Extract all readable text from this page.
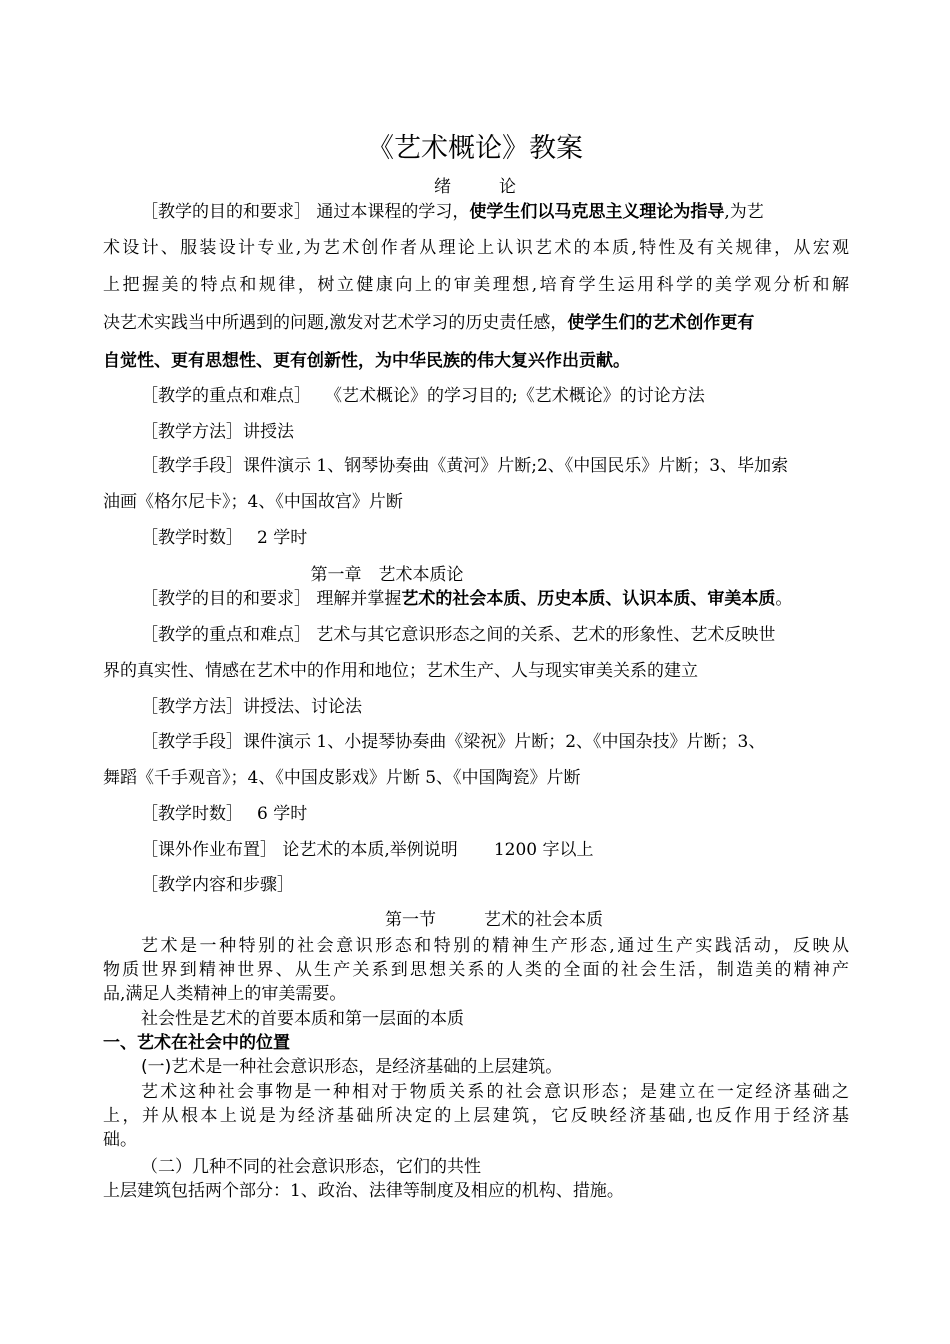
《艺术概论》教案
绪	论
［教学的目的和要求］ 通过本课程的学习，使学生们以马克思主义理论为指导,为艺
术设计、服装设计专业,为艺术创作者从理论上认识艺术的本质,特性及有关规律，从宏观
上把握美的特点和规律，树立健康向上的审美理想,培育学生运用科学的美学观分析和解
决艺术实践当中所遇到的问题,激发对艺术学习的历史责任感，使学生们的艺术创作更有
自觉性、更有思想性、更有创新性，为中华民族的伟大复兴作出贡献。
［教学的重点和难点］ 《艺术概论》的学习目的;《艺术概论》的讨论方法
［教学方法］讲授法
［教学手段］课件演示 1、钢琴协奏曲《黄河》片断;2、《中国民乐》片断；3、毕加索
油画《格尔尼卡》；4、《中国故宫》片断
［教学时数］ 2 学时
第一章　艺术本质论
［教学的目的和要求］ 理解并掌握艺术的社会本质、历史本质、认识本质、审美本质。
［教学的重点和难点］ 艺术与其它意识形态之间的关系、艺术的形象性、艺术反映世
界的真实性、情感在艺术中的作用和地位；艺术生产、人与现实审美关系的建立
［教学方法］讲授法、讨论法
［教学手段］课件演示 1、小提琴协奏曲《梁祝》片断；2、《中国杂技》片断；3、
舞蹈《千手观音》；4、《中国皮影戏》片断 5、《中国陶瓷》片断
［教学时数］ 6 学时
［课外作业布置］ 论艺术的本质,举例说明 1200 字以上
［教学内容和步骤］
第一节	艺术的社会本质
艺术是一种特别的社会意识形态和特别的精神生产形态,通过生产实践活动，反映从
物质世界到精神世界、从生产关系到思想关系的人类的全面的社会生活，制造美的精神产
品,满足人类精神上的审美需要。
社会性是艺术的首要本质和第一层面的本质
一、艺术在社会中的位置
(一)艺术是一种社会意识形态，是经济基础的上层建筑。
艺术这种社会事物是一种相对于物质关系的社会意识形态；是建立在一定经济基础之
上，并从根本上说是为经济基础所决定的上层建筑，它反映经济基础,也反作用于经济基
础。
（二）几种不同的社会意识形态，它们的共性
上层建筑包括两个部分：1、政治、法律等制度及相应的机构、措施。
